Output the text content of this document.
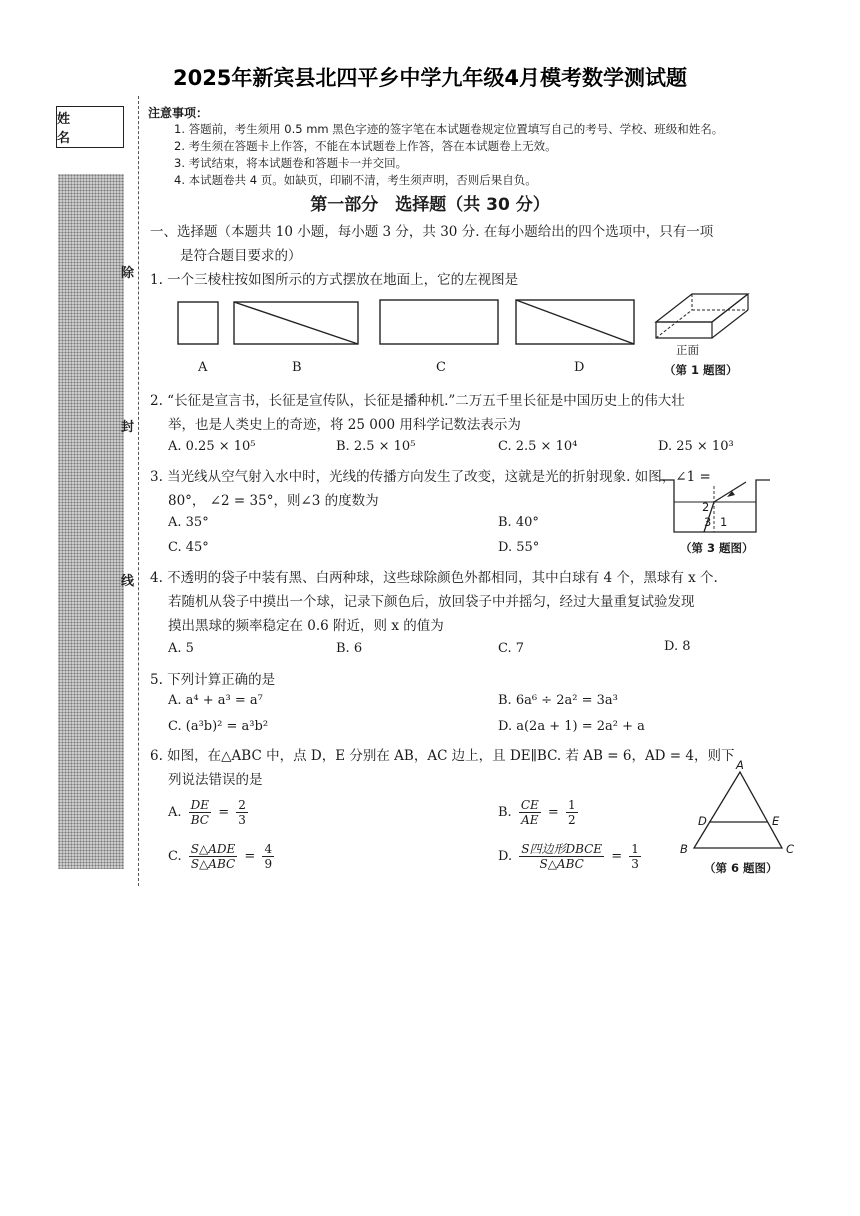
2025年新宾县北四平乡中学九年级4月模考数学测试题
姓 名
除
封
线
注意事项：
1. 答题前，考生须用 0.5 mm 黑色字迹的签字笔在本试题卷规定位置填写自己的考号、学校、班级和姓名。
2. 考生须在答题卡上作答，不能在本试题卷上作答，答在本试题卷上无效。
3. 考试结束，将本试题卷和答题卡一并交回。
4. 本试题卷共 4 页。如缺页，印刷不清，考生须声明，否则后果自负。
第一部分　选择题（共 30 分）
一、选择题（本题共 10 小题，每小题 3 分，共 30 分. 在每小题给出的四个选项中，只有一项
是符合题目要求的）
1. 一个三棱柱按如图所示的方式摆放在地面上，它的左视图是
A	B	C	D
正面
（第 1 题图）
2. “长征是宣言书，长征是宣传队，长征是播种机.”二万五千里长征是中国历史上的伟大壮
举，也是人类史上的奇迹，将 25 000 用科学记数法表示为
A. 0.25 × 10⁵	B. 2.5 × 10⁵	C. 2.5 × 10⁴	D. 25 × 10³
3. 当光线从空气射入水中时，光线的传播方向发生了改变，这就是光的折射现象. 如图，∠1 =
80°， ∠2 = 35°，则∠3 的度数为
A. 35°	B. 40°
C. 45°	D. 55°
2
3 1
（第 3 题图）
4. 不透明的袋子中装有黑、白两种球，这些球除颜色外都相同，其中白球有 4 个，黑球有 x 个.
若随机从袋子中摸出一个球，记录下颜色后，放回袋子中并摇匀，经过大量重复试验发现
摸出黑球的频率稳定在 0.6 附近，则 x 的值为
A. 5	B. 6	C. 7	D. 8
5. 下列计算正确的是
A. a⁴ + a³ = a⁷	B. 6a⁶ ÷ 2a² = 3a³
C. (a³b)² = a³b²	D. a(2a + 1) = 2a² + a
6. 如图，在△ABC 中，点 D，E 分别在 AB，AC 边上，且 DE∥BC. 若 AB = 6，AD = 4，则下
列说法错误的是
A. $\frac{DE}{BC} = \frac{2}{3}$	B. $\frac{CE}{AE} = \frac{1}{2}$
C. $\frac{\text{S△ADE}}{\text{S△ABC}} = \frac{4}{9}$	D. $\frac{\text{S四边形DBCE}}{\text{S△ABC}} = \frac{1}{3}$
A
D	E
B	C
（第 6 题图）
